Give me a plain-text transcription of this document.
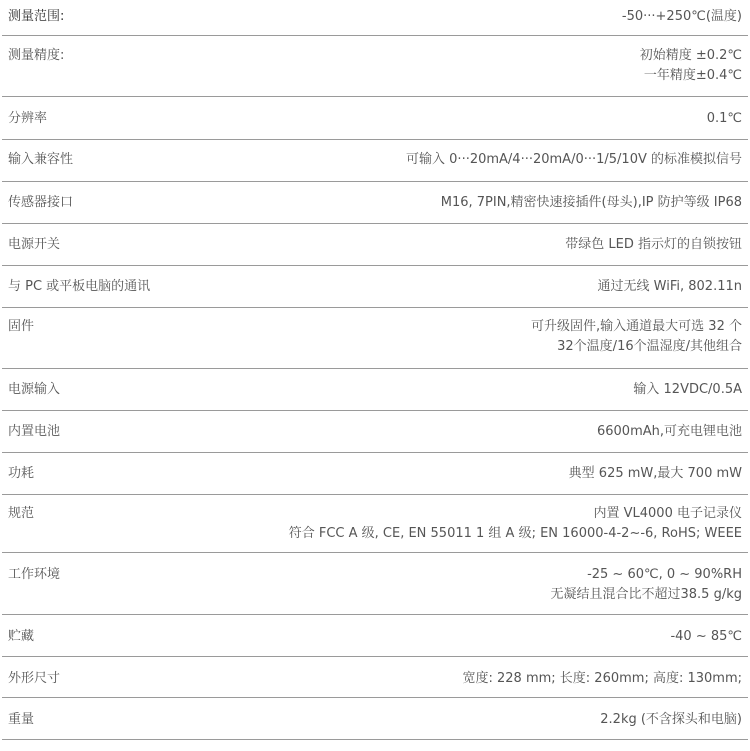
测量范围:	-50···+250℃(温度)
测量精度:	初始精度 ±0.2℃
一年精度±0.4℃
分辨率	0.1℃
输入兼容性	可输入 0···20mA/4···20mA/0···1/5/10V 的标准模拟信号
传感器接口	M16, 7PIN,精密快速接插件(母头),IP 防护等级 IP68
电源开关	带绿色 LED 指示灯的自锁按钮
与 PC 或平板电脑的通讯	通过无线 WiFi, 802.11n
固件	可升级固件,输入通道最大可选 32 个
32个温度/16个温湿度/其他组合
电源输入	输入 12VDC/0.5A
内置电池	6600mAh,可充电锂电池
功耗	典型 625 mW,最大 700 mW
规范	内置 VL4000 电子记录仪
符合 FCC A 级, CE, EN 55011 1 组 A 级; EN 16000-4-2~-6, RoHS; WEEE
工作环境	-25 ~ 60℃, 0 ~ 90%RH
无凝结且混合比不超过38.5 g/kg
贮藏	-40 ~ 85℃
外形尺寸	宽度: 228 mm; 长度: 260mm; 高度: 130mm;
重量	2.2kg (不含探头和电脑)
